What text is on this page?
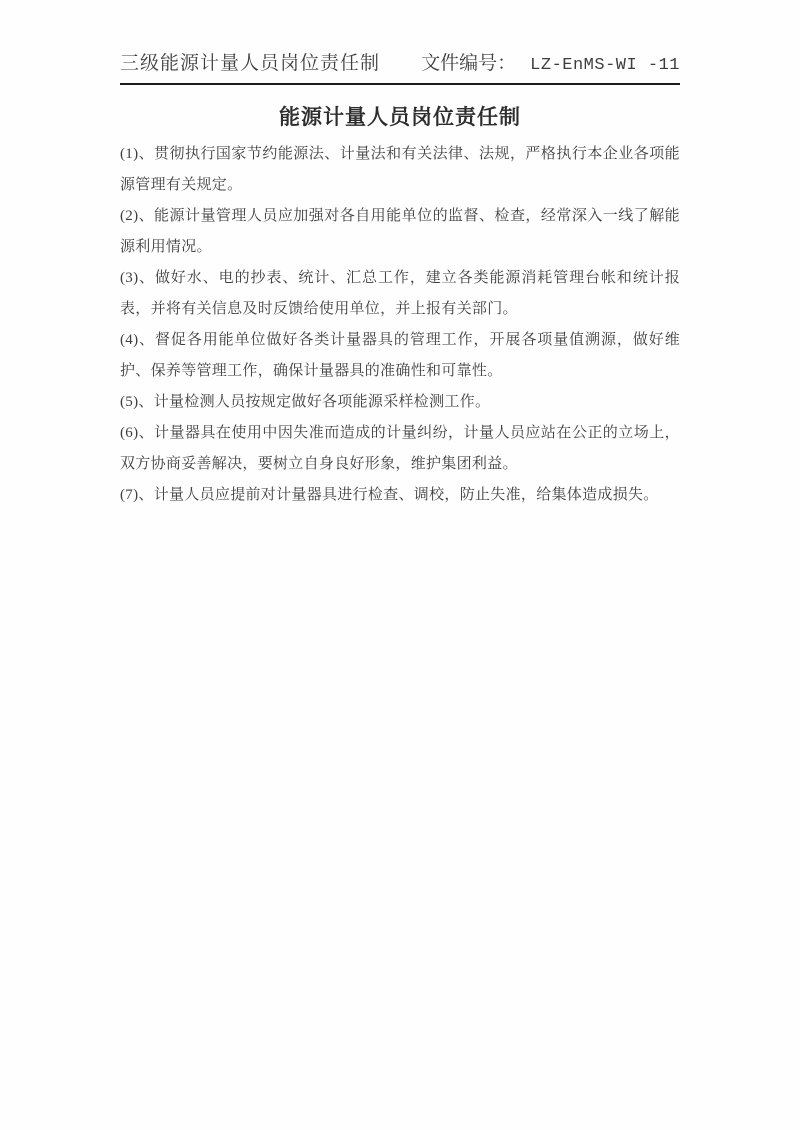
三级能源计量人员岗位责任制 文件编号： LZ-EnMS-WI -11
能源计量人员岗位责任制

(1)、贯彻执行国家节约能源法、计量法和有关法律、法规，严格执行本企业各项能源管理有关规定。

(2)、能源计量管理人员应加强对各自用能单位的监督、检查，经常深入一线了解能源利用情况。

(3)、做好水、电的抄表、统计、汇总工作，建立各类能源消耗管理台帐和统计报表，并将有关信息及时反馈给使用单位，并上报有关部门。

(4)、督促各用能单位做好各类计量器具的管理工作，开展各项量值溯源，做好维护、保养等管理工作，确保计量器具的准确性和可靠性。

(5)、计量检测人员按规定做好各项能源采样检测工作。

(6)、计量器具在使用中因失准而造成的计量纠纷，计量人员应站在公正的立场上，双方协商妥善解决，要树立自身良好形象，维护集团利益。

(7)、计量人员应提前对计量器具进行检查、调校，防止失准，给集体造成损失。
